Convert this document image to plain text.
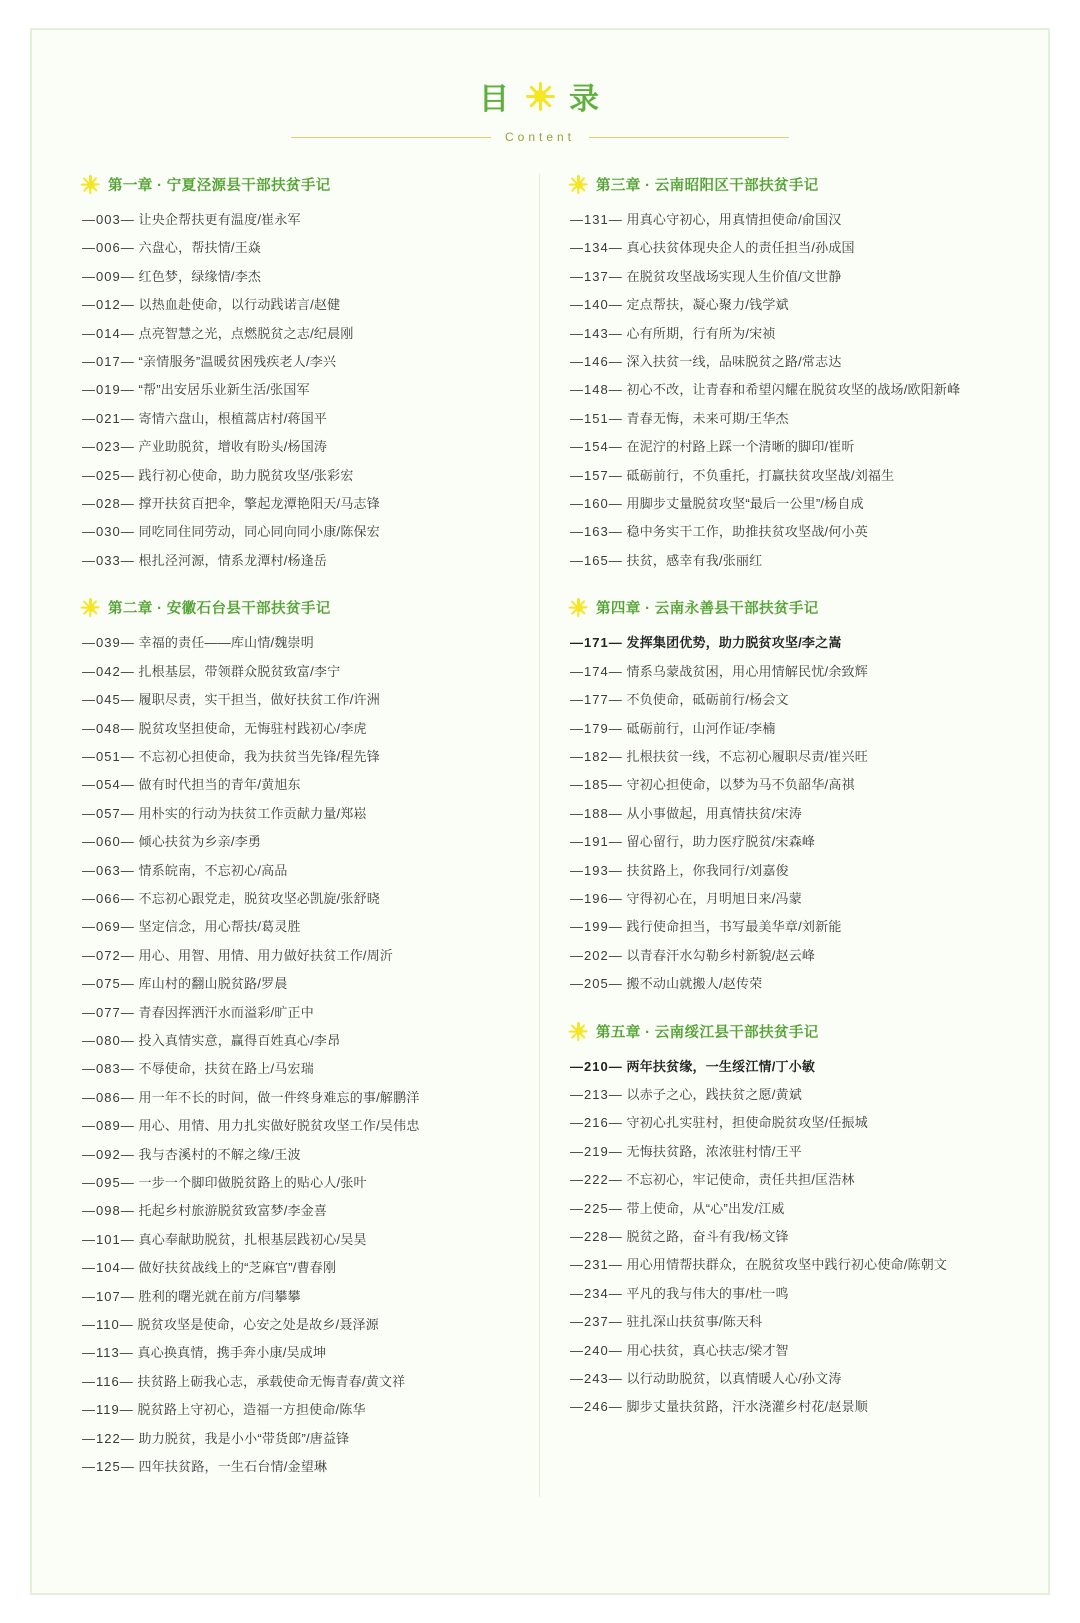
目 录
Content
第一章 · 宁夏泾源县干部扶贫手记
—003— 让央企帮扶更有温度/崔永军
—006— 六盘心，帮扶情/王焱
—009— 红色梦，绿缘情/李杰
—012— 以热血赴使命，以行动践诺言/赵健
—014— 点亮智慧之光，点燃脱贫之志/纪晨刚
—017— “亲情服务”温暖贫困残疾老人/李兴
—019— “帮”出安居乐业新生活/张国军
—021— 寄情六盘山，根植蒿店村/蒋国平
—023— 产业助脱贫，增收有盼头/杨国涛
—025— 践行初心使命，助力脱贫攻坚/张彩宏
—028— 撑开扶贫百把伞，擎起龙潭艳阳天/马志锋
—030— 同吃同住同劳动，同心同向同小康/陈保宏
—033— 根扎泾河源，情系龙潭村/杨逢岳
第二章 · 安徽石台县干部扶贫手记
—039— 幸福的责任——库山情/魏崇明
—042— 扎根基层，带领群众脱贫致富/李宁
—045— 履职尽责，实干担当，做好扶贫工作/许洲
—048— 脱贫攻坚担使命，无悔驻村践初心/李虎
—051— 不忘初心担使命，我为扶贫当先锋/程先锋
—054— 做有时代担当的青年/黄旭东
—057— 用朴实的行动为扶贫工作贡献力量/郑崧
—060— 倾心扶贫为乡亲/李勇
—063— 情系皖南，不忘初心/高品
—066— 不忘初心跟党走，脱贫攻坚必凯旋/张舒晓
—069— 坚定信念，用心帮扶/葛灵胜
—072— 用心、用智、用情、用力做好扶贫工作/周沂
—075— 库山村的翻山脱贫路/罗晨
—077— 青春因挥洒汗水而溢彩/旷正中
—080— 投入真情实意，赢得百姓真心/李昂
—083— 不辱使命，扶贫在路上/马宏瑞
—086— 用一年不长的时间，做一件终身难忘的事/解鹏洋
—089— 用心、用情、用力扎实做好脱贫攻坚工作/吴伟忠
—092— 我与杏溪村的不解之缘/王波
—095— 一步一个脚印做脱贫路上的贴心人/张叶
—098— 托起乡村旅游脱贫致富梦/李金喜
—101— 真心奉献助脱贫，扎根基层践初心/吴昊
—104— 做好扶贫战线上的“芝麻官”/曹春刚
—107— 胜利的曙光就在前方/闫攀攀
—110— 脱贫攻坚是使命，心安之处是故乡/聂泽源
—113— 真心换真情，携手奔小康/吴成坤
—116— 扶贫路上砺我心志，承载使命无悔青春/黄文祥
—119— 脱贫路上守初心，造福一方担使命/陈华
—122— 助力脱贫，我是小小“带货郎”/唐益锋
—125— 四年扶贫路，一生石台情/金望琳
第三章 · 云南昭阳区干部扶贫手记
—131— 用真心守初心，用真情担使命/俞国汉
—134— 真心扶贫体现央企人的责任担当/孙成国
—137— 在脱贫攻坚战场实现人生价值/文世静
—140— 定点帮扶，凝心聚力/钱学斌
—143— 心有所期，行有所为/宋祯
—146— 深入扶贫一线，品味脱贫之路/常志达
—148— 初心不改，让青春和希望闪耀在脱贫攻坚的战场/欧阳新峰
—151— 青春无悔，未来可期/王华杰
—154— 在泥泞的村路上踩一个清晰的脚印/崔昕
—157— 砥砺前行，不负重托，打赢扶贫攻坚战/刘福生
—160— 用脚步丈量脱贫攻坚“最后一公里”/杨自成
—163— 稳中务实干工作，助推扶贫攻坚战/何小英
—165— 扶贫，感幸有我/张丽红
第四章 · 云南永善县干部扶贫手记
—171— 发挥集团优势，助力脱贫攻坚/李之嵩
—174— 情系乌蒙战贫困，用心用情解民忧/余致辉
—177— 不负使命，砥砺前行/杨会文
—179— 砥砺前行，山河作证/李楠
—182— 扎根扶贫一线，不忘初心履职尽责/崔兴旺
—185— 守初心担使命，以梦为马不负韶华/高祺
—188— 从小事做起，用真情扶贫/宋涛
—191— 留心留行，助力医疗脱贫/宋森峰
—193— 扶贫路上，你我同行/刘嘉俊
—196— 守得初心在，月明旭日来/冯蒙
—199— 践行使命担当，书写最美华章/刘新能
—202— 以青春汗水勾勒乡村新貌/赵云峰
—205— 搬不动山就搬人/赵传荣
第五章 · 云南绥江县干部扶贫手记
—210— 两年扶贫缘，一生绥江情/丁小敏
—213— 以赤子之心，践扶贫之愿/黄斌
—216— 守初心扎实驻村，担使命脱贫攻坚/任振城
—219— 无悔扶贫路，浓浓驻村情/王平
—222— 不忘初心，牢记使命，责任共担/匡浩林
—225— 带上使命，从“心”出发/江威
—228— 脱贫之路，奋斗有我/杨文锋
—231— 用心用情帮扶群众，在脱贫攻坚中践行初心使命/陈朝文
—234— 平凡的我与伟大的事/杜一鸣
—237— 驻扎深山扶贫事/陈天科
—240— 用心扶贫，真心扶志/梁才智
—243— 以行动助脱贫，以真情暖人心/孙文涛
—246— 脚步丈量扶贫路，汗水浇灌乡村花/赵景顺
